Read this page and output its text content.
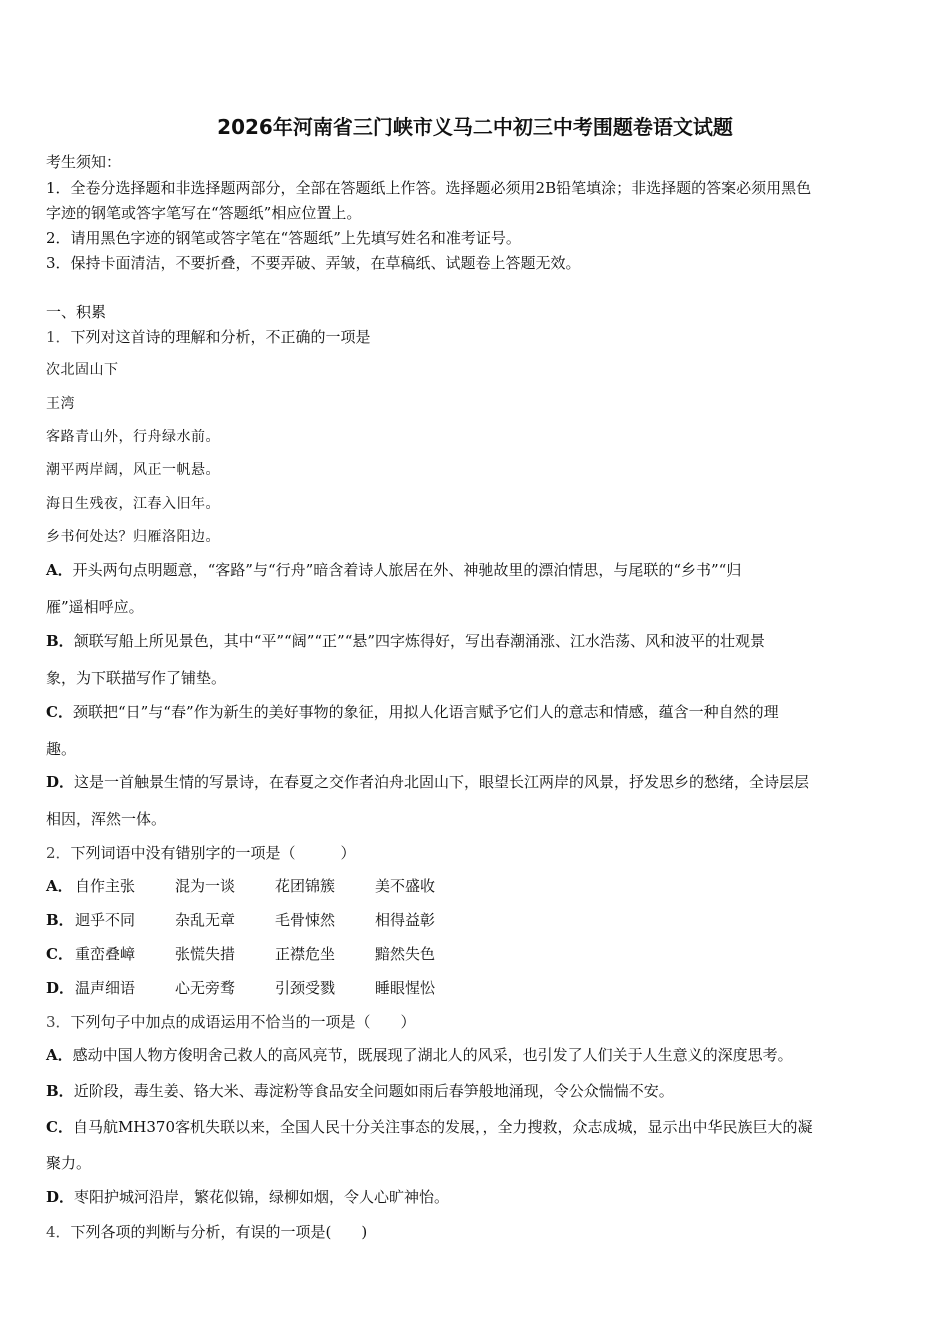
2026年河南省三门峡市义马二中初三中考围题卷语文试题
考生须知：
1．全卷分选择题和非选择题两部分，全部在答题纸上作答。选择题必须用2B铅笔填涂；非选择题的答案必须用黑色
字迹的钢笔或答字笔写在“答题纸”相应位置上。
2．请用黑色字迹的钢笔或答字笔在“答题纸”上先填写姓名和准考证号。
3．保持卡面清洁，不要折叠，不要弄破、弄皱，在草稿纸、试题卷上答题无效。
一、积累
1．下列对这首诗的理解和分析，不正确的一项是
次北固山下
王湾
客路青山外，行舟绿水前。
潮平两岸阔，风正一帆悬。
海日生残夜，江春入旧年。
乡书何处达？归雁洛阳边。
A．开头两句点明题意，“客路”与“行舟”暗含着诗人旅居在外、神驰故里的漂泊情思，与尾联的“乡书”“归
雁”遥相呼应。
B．颔联写船上所见景色，其中“平”“阔”“正”“悬”四字炼得好，写出春潮涌涨、江水浩荡、风和波平的壮观景
象，为下联描写作了铺垫。
C．颈联把“日”与“春”作为新生的美好事物的象征，用拟人化语言赋予它们人的意志和情感，蕴含一种自然的理
趣。
D．这是一首触景生情的写景诗，在春夏之交作者泊舟北固山下，眼望长江两岸的风景，抒发思乡的愁绪，全诗层层
相因，浑然一体。
2．下列词语中没有错别字的一项是（　　　）
A． 自作主张	混为一谈	花团锦簇	美不盛收
B．迥乎不同	杂乱无章	毛骨悚然	相得益彰
C． 重峦叠嶂	张慌失措	正襟危坐	黯然失色
D．温声细语	心无旁骛	引颈受戮	睡眼惺忪
3．下列句子中加点的成语运用不恰当的一项是（　　）
A．感动中国人物方俊明舍己救人的高风亮节，既展现了湖北人的风采，也引发了人们关于人生意义的深度思考。
B．近阶段，毒生姜、铬大米、毒淀粉等食品安全问题如雨后春笋般地涌现，令公众惴惴不安。
C．自马航MH370客机失联以来，全国人民十分关注事态的发展，，全力搜救，众志成城，显示出中华民族巨大的凝
聚力。
D．枣阳护城河沿岸，繁花似锦，绿柳如烟，令人心旷神怡。
4．下列各项的判断与分析，有误的一项是(　　)
